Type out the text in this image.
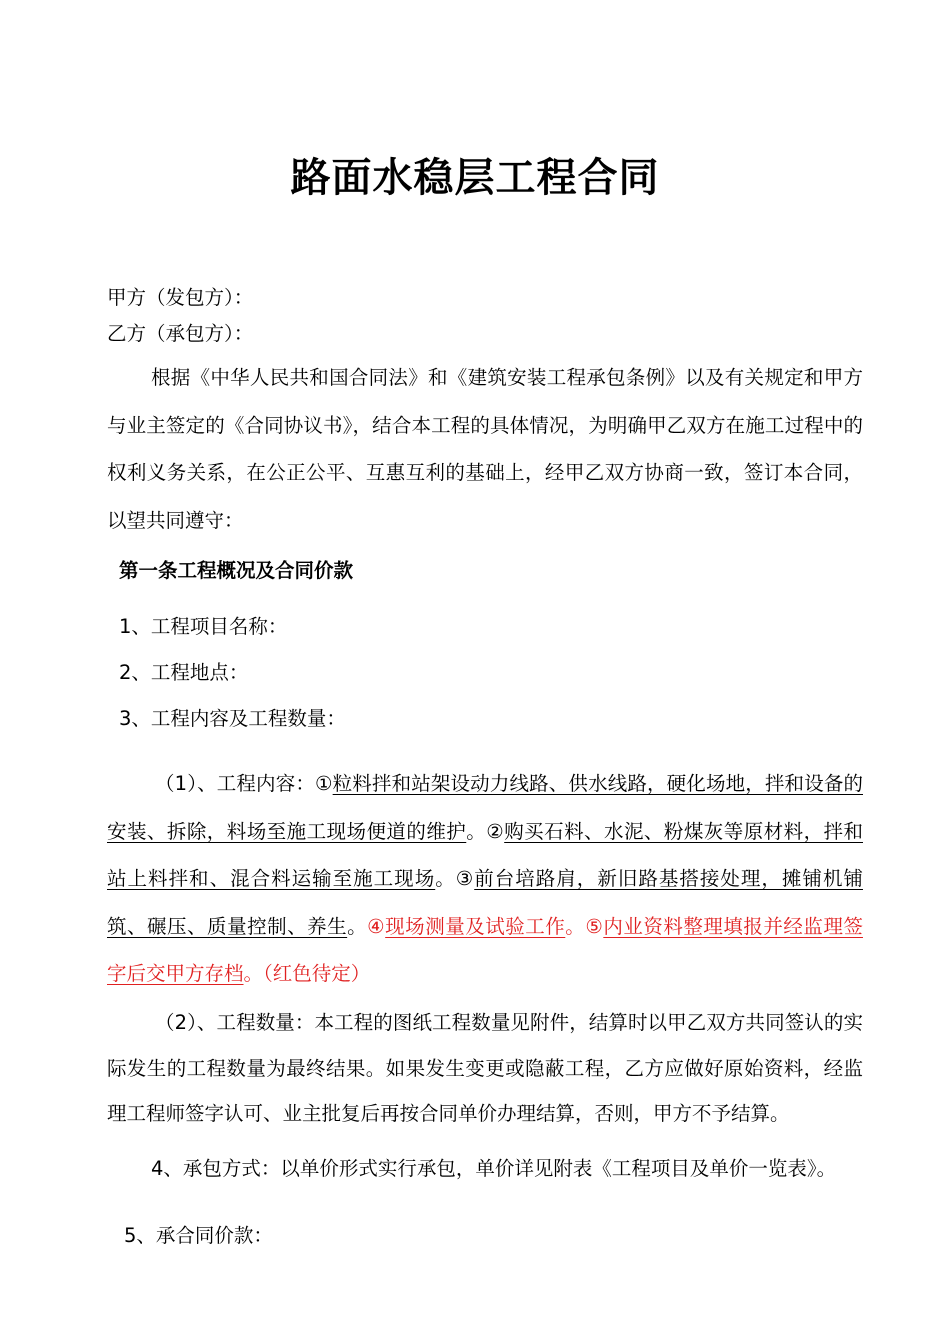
路面水稳层工程合同
甲方（发包方）：
乙方（承包方）：
根据《中华人民共和国合同法》和《建筑安装工程承包条例》以及有关规定和甲方与业主签定的《合同协议书》，结合本工程的具体情况，为明确甲乙双方在施工过程中的权利义务关系，在公正公平、互惠互利的基础上，经甲乙双方协商一致，签订本合同，以望共同遵守：
第一条工程概况及合同价款
1、工程项目名称：
2、工程地点：
3、工程内容及工程数量：
（1）、工程内容：①粒料拌和站架设动力线路、供水线路，硬化场地，拌和设备的安装、拆除，料场至施工现场便道的维护。②购买石料、水泥、粉煤灰等原材料，拌和站上料拌和、混合料运输至施工现场。③前台培路肩，新旧路基搭接处理，摊铺机铺筑、碾压、质量控制、养生。④现场测量及试验工作。⑤内业资料整理填报并经监理签字后交甲方存档。（红色待定）
（2）、工程数量：本工程的图纸工程数量见附件，结算时以甲乙双方共同签认的实际发生的工程数量为最终结果。如果发生变更或隐蔽工程，乙方应做好原始资料，经监理工程师签字认可、业主批复后再按合同单价办理结算，否则，甲方不予结算。
4、承包方式：以单价形式实行承包，单价详见附表《工程项目及单价一览表》。
5、承合同价款：
